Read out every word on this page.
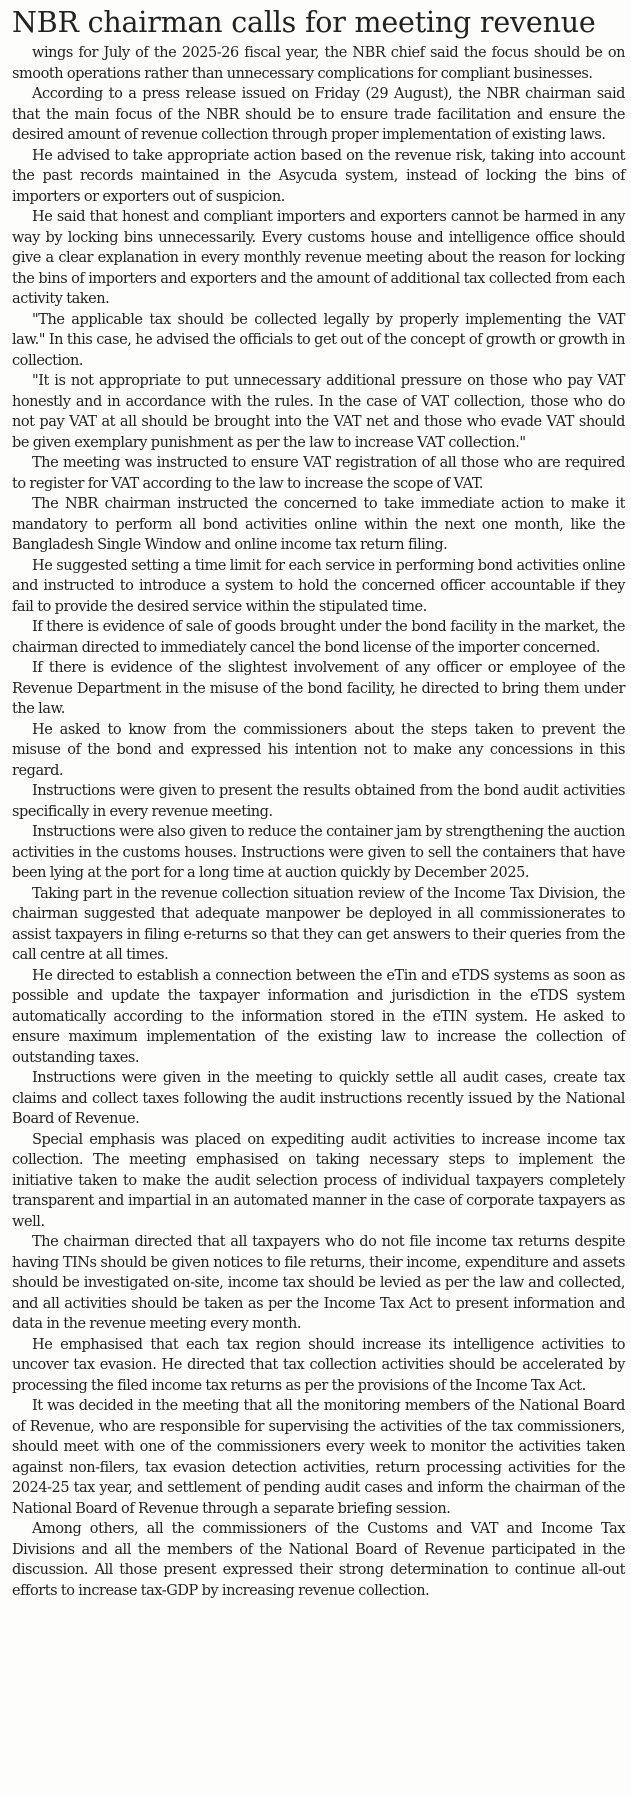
NBR chairman calls for meeting revenue

wings for July of the 2025-26 fiscal year, the NBR chief said the focus should be on smooth operations rather than unnecessary complications for compliant businesses.

According to a press release issued on Friday (29 August), the NBR chairman said that the main focus of the NBR should be to ensure trade facilitation and ensure the desired amount of revenue collection through proper implementation of existing laws.

He advised to take appropriate action based on the revenue risk, taking into account the past records maintained in the Asycuda system, instead of locking the bins of importers or exporters out of suspicion.

He said that honest and compliant importers and exporters cannot be harmed in any way by locking bins unnecessarily. Every customs house and intelligence office should give a clear explanation in every monthly revenue meeting about the reason for locking the bins of importers and exporters and the amount of additional tax collected from each activity taken.

"The applicable tax should be collected legally by properly implementing the VAT law." In this case, he advised the officials to get out of the concept of growth or growth in collection.

"It is not appropriate to put unnecessary additional pressure on those who pay VAT honestly and in accordance with the rules. In the case of VAT collection, those who do not pay VAT at all should be brought into the VAT net and those who evade VAT should be given exemplary punishment as per the law to increase VAT collection."

The meeting was instructed to ensure VAT registration of all those who are required to register for VAT according to the law to increase the scope of VAT.

The NBR chairman instructed the concerned to take immediate action to make it mandatory to perform all bond activities online within the next one month, like the Bangladesh Single Window and online income tax return filing.

He suggested setting a time limit for each service in performing bond activities online and instructed to introduce a system to hold the concerned officer accountable if they fail to provide the desired service within the stipulated time.

If there is evidence of sale of goods brought under the bond facility in the market, the chairman directed to immediately cancel the bond license of the importer concerned.

If there is evidence of the slightest involvement of any officer or employee of the Revenue Department in the misuse of the bond facility, he directed to bring them under the law.

He asked to know from the commissioners about the steps taken to prevent the misuse of the bond and expressed his intention not to make any concessions in this regard.

Instructions were given to present the results obtained from the bond audit activities specifically in every revenue meeting.

Instructions were also given to reduce the container jam by strengthening the auction activities in the customs houses. Instructions were given to sell the containers that have been lying at the port for a long time at auction quickly by December 2025.

Taking part in the revenue collection situation review of the Income Tax Division, the chairman suggested that adequate manpower be deployed in all commissionerates to assist taxpayers in filing e-returns so that they can get answers to their queries from the call centre at all times.

He directed to establish a connection between the eTin and eTDS systems as soon as possible and update the taxpayer information and jurisdiction in the eTDS system automatically according to the information stored in the eTIN system. He asked to ensure maximum implementation of the existing law to increase the collection of outstanding taxes.

Instructions were given in the meeting to quickly settle all audit cases, create tax claims and collect taxes following the audit instructions recently issued by the National Board of Revenue.

Special emphasis was placed on expediting audit activities to increase income tax collection. The meeting emphasised on taking necessary steps to implement the initiative taken to make the audit selection process of individual taxpayers completely transparent and impartial in an automated manner in the case of corporate taxpayers as well.

The chairman directed that all taxpayers who do not file income tax returns despite having TINs should be given notices to file returns, their income, expenditure and assets should be investigated on-site, income tax should be levied as per the law and collected, and all activities should be taken as per the Income Tax Act to present information and data in the revenue meeting every month.

He emphasised that each tax region should increase its intelligence activities to uncover tax evasion. He directed that tax collection activities should be accelerated by processing the filed income tax returns as per the provisions of the Income Tax Act.

It was decided in the meeting that all the monitoring members of the National Board of Revenue, who are responsible for supervising the activities of the tax commissioners, should meet with one of the commissioners every week to monitor the activities taken against non-filers, tax evasion detection activities, return processing activities for the 2024-25 tax year, and settlement of pending audit cases and inform the chairman of the National Board of Revenue through a separate briefing session.

Among others, all the commissioners of the Customs and VAT and Income Tax Divisions and all the members of the National Board of Revenue participated in the discussion. All those present expressed their strong determination to continue all-out efforts to increase tax-GDP by increasing revenue collection.
